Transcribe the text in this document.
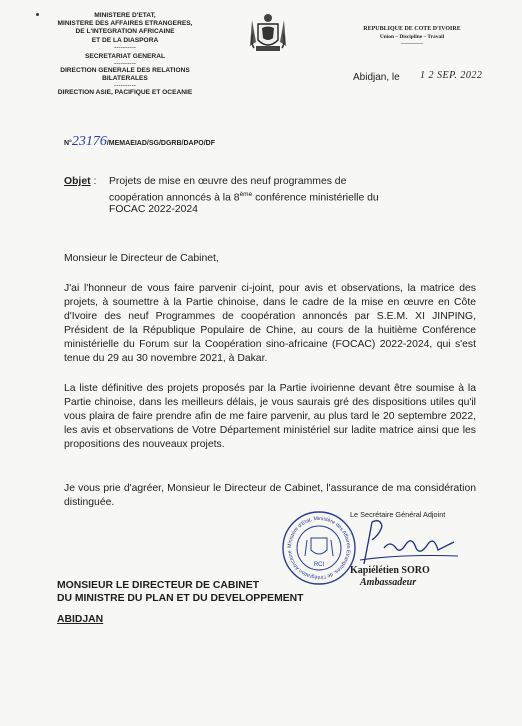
MINISTERE D'ETAT,
MINISTERE DES AFFAIRES ETRANGERES,
DE L'INTEGRATION AFRICAINE
ET DE LA DIASPORA
----------
SECRETARIAT GENERAL
----------
DIRECTION GENERALE DES RELATIONS
BILATERALES
----------
DIRECTION ASIE, PACIFIQUE ET OCEANIE
REPUBLIQUE DE COTE D'IVOIRE
Union – Discipline – Travail
-----------
Abidjan, le 1 2 SEP. 2022
N°23176/MEMAEIAD/SG/DGRB/DAPO/DF
Objet : Projets de mise en œuvre des neuf programmes de coopération annoncés à la 8ème conférence ministérielle du FOCAC 2022-2024
Monsieur le Directeur de Cabinet,
J'ai l'honneur de vous faire parvenir ci-joint, pour avis et observations, la matrice des projets, à soumettre à la Partie chinoise, dans le cadre de la mise en œuvre en Côte d'Ivoire des neuf Programmes de coopération annoncés par S.E.M. XI JINPING, Président de la République Populaire de Chine, au cours de la huitième Conférence ministérielle du Forum sur la Coopération sino-africaine (FOCAC) 2022-2024, qui s'est tenue du 29 au 30 novembre 2021, à Dakar.
La liste définitive des projets proposés par la Partie ivoirienne devant être soumise à la Partie chinoise, dans les meilleurs délais, je vous saurais gré des dispositions utiles qu'il vous plaira de faire prendre afin de me faire parvenir, au plus tard le 20 septembre 2022, les avis et observations de Votre Département ministériel sur ladite matrice ainsi que les propositions des nouveaux projets.
Je vous prie d'agréer, Monsieur le Directeur de Cabinet, l'assurance de ma considération distinguée.
Ministère d'Etat, Ministère des Affaires Etrangères, de l'Intégration Africaine
RCI
Le Secrétaire Général Adjoint
Kapiélétien SORO
Ambassadeur
MONSIEUR LE DIRECTEUR DE CABINET
DU MINISTRE DU PLAN ET DU DEVELOPPEMENT
ABIDJAN
